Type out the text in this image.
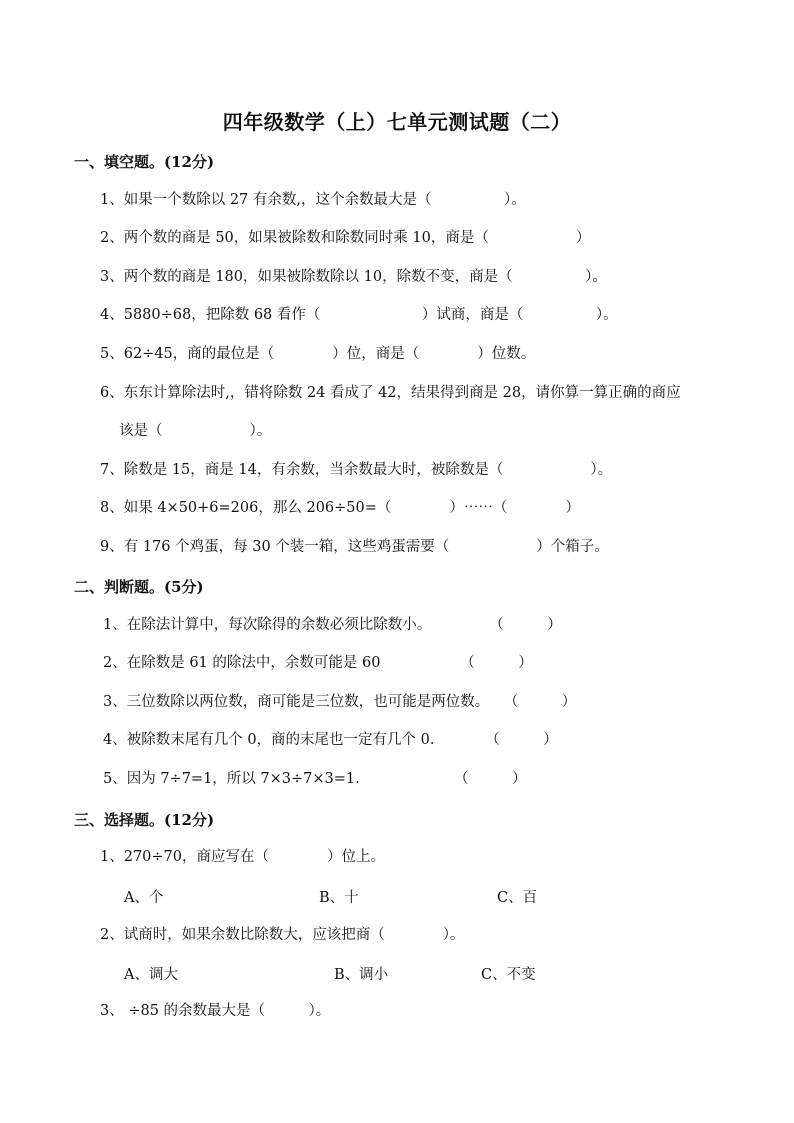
四年级数学（上）七单元测试题（二）
一、填空题。(12分)
1、如果一个数除以 27 有余数,，这个余数最大是（　　　　　）。
2、两个数的商是 50，如果被除数和除数同时乘 10，商是（　　　　　　）
3、两个数的商是 180，如果被除数除以 10，除数不变，商是（　　　　　）。
4、5880÷68，把除数 68 看作（　　　　　　　）试商，商是（　　　　　）。
5、62÷45，商的最位是（　　　　）位，商是（　　　　）位数。
6、东东计算除法时,，错将除数 24 看成了 42，结果得到商是 28，请你算一算正确的商应
该是（　　　　　　）。
7、除数是 15，商是 14，有余数，当余数最大时，被除数是（　　　　　　）。
8、如果 4×50+6=206，那么 206÷50=（　　　　）⋯⋯（　　　　）
9、有 176 个鸡蛋，每 30 个装一箱，这些鸡蛋需要（　　　　　　）个箱子。
二、判断题。(5分)
1、在除法计算中，每次除得的余数必须比除数小。　　　　　（　　　）
2、在除数是 61 的除法中，余数可能是 60　　　　　　（　　　）
3、三位数除以两位数，商可能是三位数，也可能是两位数。　　（　　　）
4、被除数末尾有几个 0，商的末尾也一定有几个 0.　　　　（　　　）
5、因为 7÷7=1，所以 7×3÷7×3=1.　　　　　　　（　　　）
三、选择题。(12分)
1、270÷70，商应写在（　　　　）位上。
A、个	B、十	C、百
2、试商时，如果余数比除数大，应该把商（　　　　）。
A、调大	B、调小	C、不变
3、 ÷85 的余数最大是（　　　）。
